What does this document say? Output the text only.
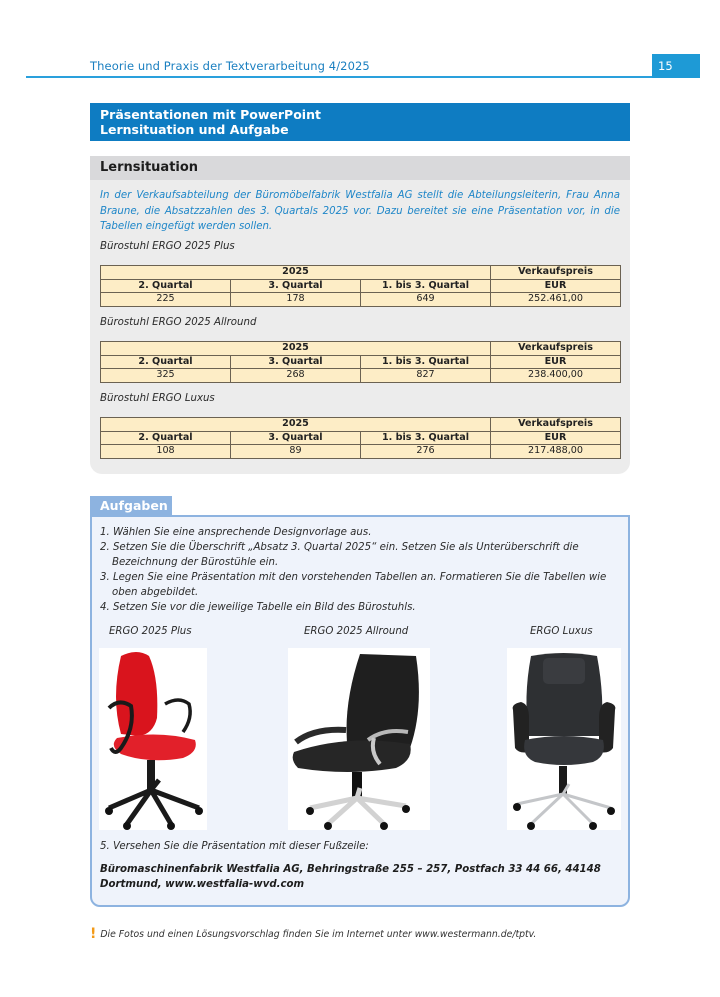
Theorie und Praxis der Textverarbeitung 4/2025	15
Präsentationen mit PowerPoint
Lernsituation und Aufgabe
Lernsituation
In der Verkaufsabteilung der Büromöbelfabrik Westfalia AG stellt die Abteilungsleiterin, Frau Anna Braune, die Absatzzahlen des 3. Quartals 2025 vor. Dazu bereitet sie eine Präsentation vor, in die Tabellen eingefügt werden sollen.
Bürostuhl ERGO 2025 Plus
2025			Verkaufspreis
2. Quartal	3. Quartal	1. bis 3. Quartal	EUR
225	178	649	252.461,00
Bürostuhl ERGO 2025 Allround
2025			Verkaufspreis
2. Quartal	3. Quartal	1. bis 3. Quartal	EUR
325	268	827	238.400,00
Bürostuhl ERGO Luxus
2025			Verkaufspreis
2. Quartal	3. Quartal	1. bis 3. Quartal	EUR
108	89	276	217.488,00
Aufgaben
1. Wählen Sie eine ansprechende Designvorlage aus.
2. Setzen Sie die Überschrift „Absatz 3. Quartal 2025“ ein. Setzen Sie als Unterüberschrift die Bezeichnung der Bürostühle ein.
3. Legen Sie eine Präsentation mit den vorstehenden Tabellen an. Formatieren Sie die Tabellen wie oben abgebildet.
4. Setzen Sie vor die jeweilige Tabelle ein Bild des Bürostuhls.
ERGO 2025 Plus	ERGO 2025 Allround	ERGO Luxus
5. Versehen Sie die Präsentation mit dieser Fußzeile:
Büromaschinenfabrik Westfalia AG, Behringstraße 255 – 257, Postfach 33 44 66, 44148 Dortmund, www.westfalia-wvd.com
! Die Fotos und einen Lösungsvorschlag finden Sie im Internet unter www.westermann.de/tptv.
